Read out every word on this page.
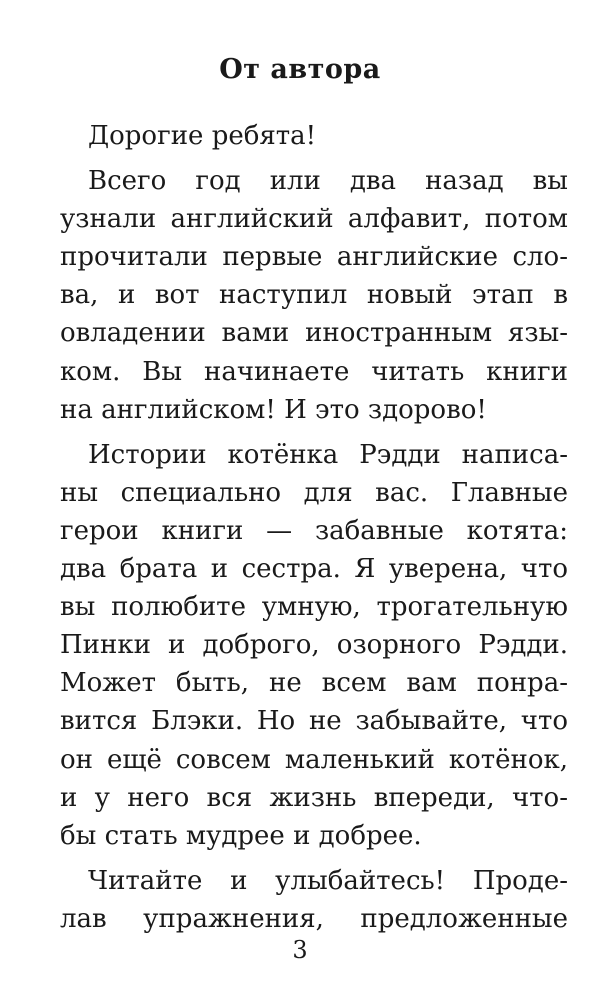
От автора
Дорогие ребята!
Всего год или два назад вы
узнали английский алфавит, потом
прочитали первые английские сло-
ва, и вот наступил новый этап в
овладении вами иностранным язы-
ком. Вы начинаете читать книги
на английском! И это здорово!
Истории котёнка Рэдди написа-
ны специально для вас. Главные
герои книги — забавные котята:
два брата и сестра. Я уверена, что
вы полюбите умную, трогательную
Пинки и доброго, озорного Рэдди.
Может быть, не всем вам понра-
вится Блэки. Но не забывайте, что
он ещё совсем маленький котёнок,
и у него вся жизнь впереди, что-
бы стать мудрее и добрее.
Читайте и улыбайтесь! Проде-
лав упражнения, предложенные
3
